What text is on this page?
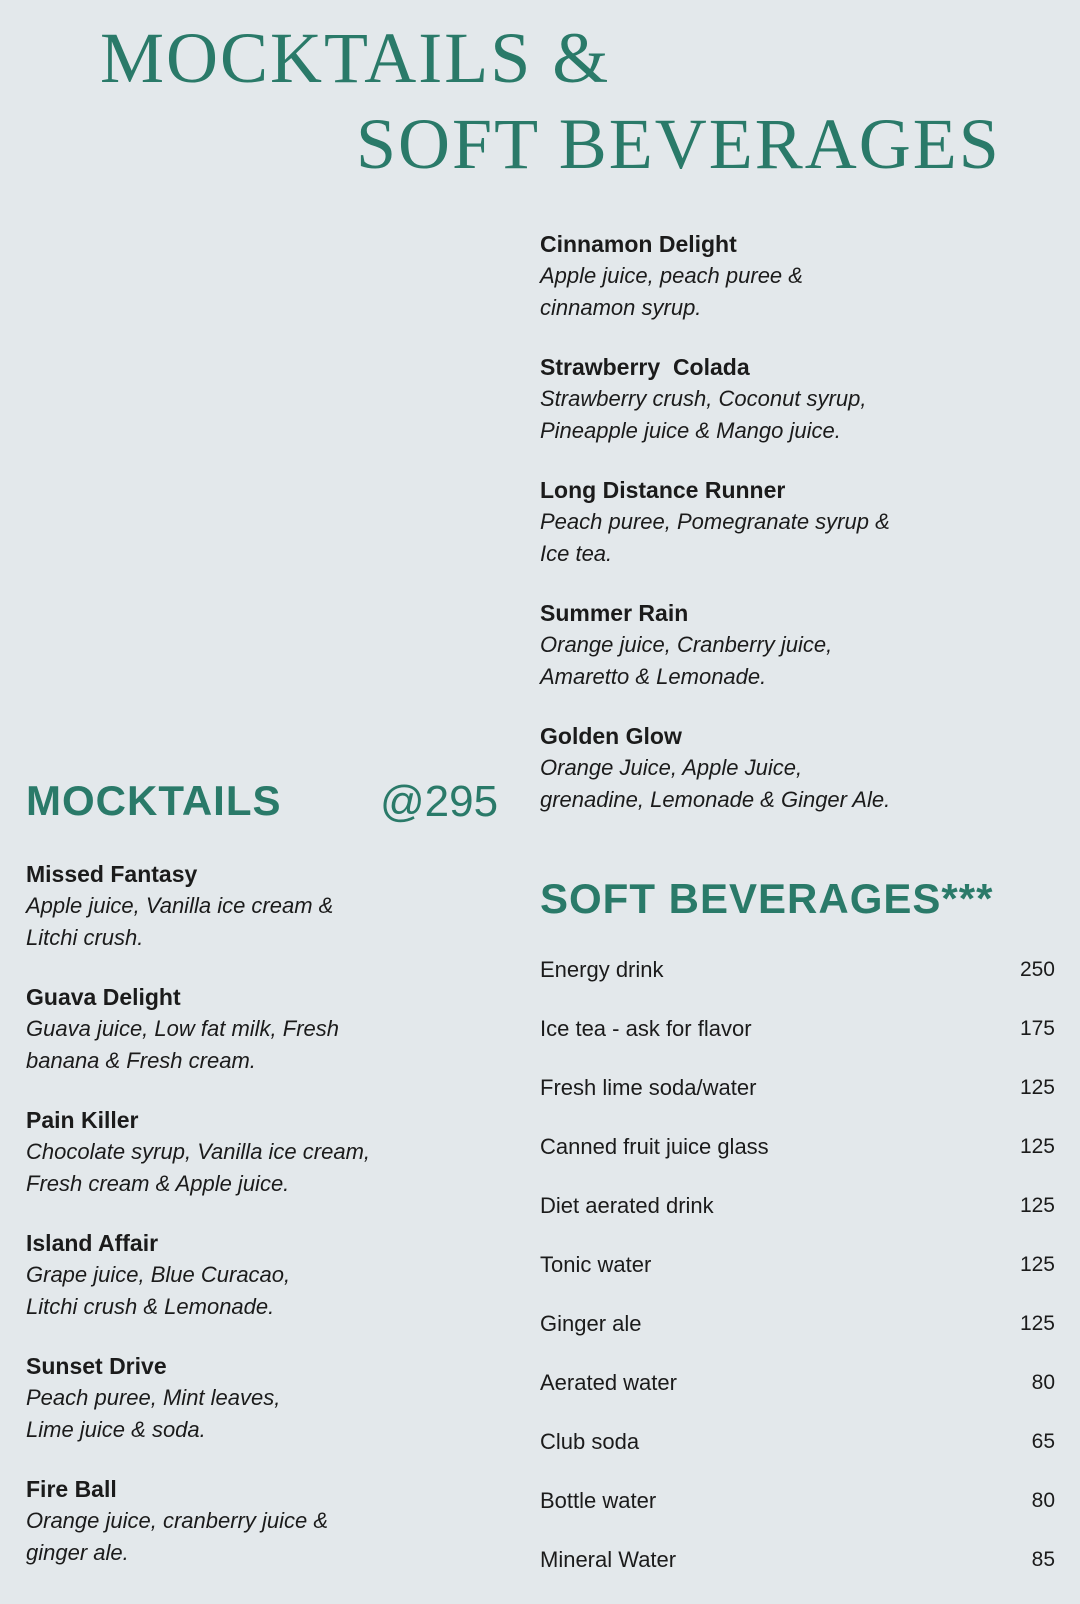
MOCKTAILS &
SOFT BEVERAGES
Cinnamon Delight
Apple juice, peach puree &
cinnamon syrup.
Strawberry  Colada
Strawberry crush, Coconut syrup,
Pineapple juice & Mango juice.
Long Distance Runner
Peach puree, Pomegranate syrup &
Ice tea.
Summer Rain
Orange juice, Cranberry juice,
Amaretto & Lemonade.
Golden Glow
Orange Juice, Apple Juice,
grenadine, Lemonade & Ginger Ale.
MOCKTAILS @295
Missed Fantasy
Apple juice, Vanilla ice cream &
Litchi crush.
Guava Delight
Guava juice, Low fat milk, Fresh
banana & Fresh cream.
Pain Killer
Chocolate syrup, Vanilla ice cream,
Fresh cream & Apple juice.
Island Affair
Grape juice, Blue Curacao,
Litchi crush & Lemonade.
Sunset Drive
Peach puree, Mint leaves,
Lime juice & soda.
Fire Ball
Orange juice, cranberry juice &
ginger ale.
SOFT BEVERAGES***
Energy drink	250
Ice tea - ask for flavor	175
Fresh lime soda/water	125
Canned fruit juice glass	125
Diet aerated drink	125
Tonic water	125
Ginger ale	125
Aerated water	80
Club soda	65
Bottle water	80
Mineral Water	85
